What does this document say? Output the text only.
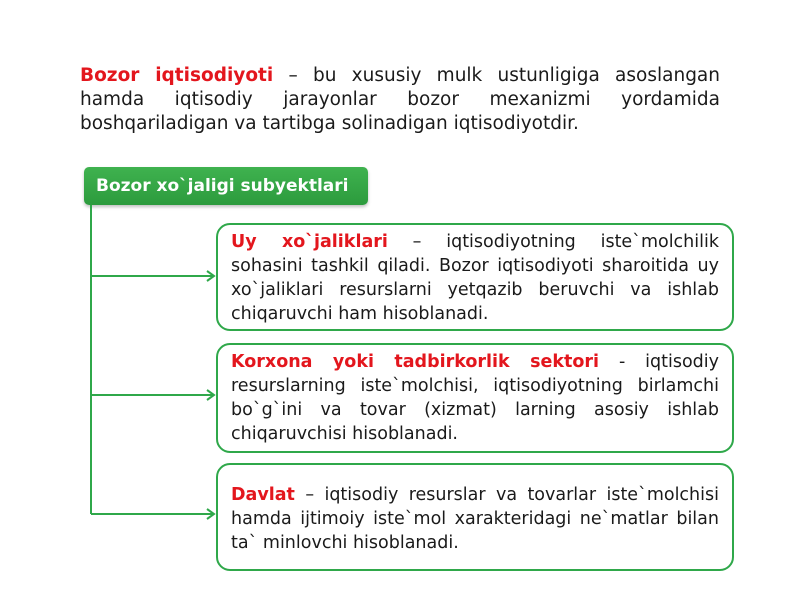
Bozor iqtisodiyoti – bu xususiy mulk ustunligiga asoslangan hamda iqtisodiy jarayonlar bozor mexanizmi yordamida boshqariladigan va tartibga solinadigan iqtisodiyotdir.
Bozor xo`jaligi subyektlari
Uy xo`jaliklari – iqtisodiyotning iste`molchilik sohasini tashkil qiladi. Bozor iqtisodiyoti sharoitida uy xo`jaliklari resurslarni yetqazib beruvchi va ishlab chiqaruvchi ham hisoblanadi.
Korxona yoki tadbirkorlik sektori - iqtisodiy resurslarning iste`molchisi, iqtisodiyotning birlamchi bo`g`ini va tovar (xizmat) larning asosiy ishlab chiqaruvchisi hisoblanadi.
Davlat – iqtisodiy resurslar va tovarlar iste`molchisi hamda ijtimoiy iste`mol xarakteridagi ne`matlar bilan ta` minlovchi hisoblanadi.
